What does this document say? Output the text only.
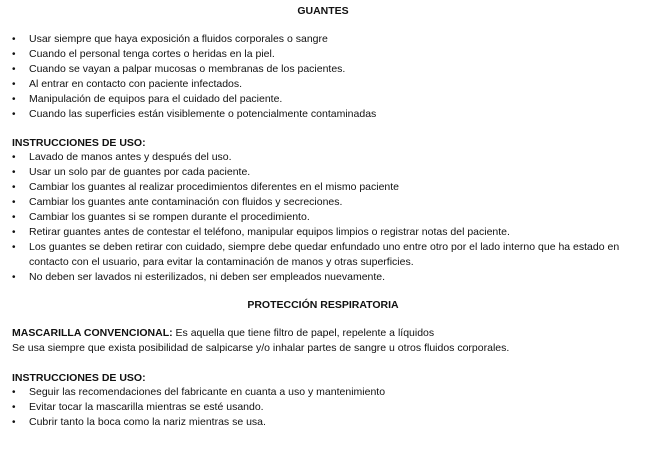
GUANTES
• Usar siempre que haya exposición a fluidos corporales o sangre
• Cuando el personal tenga cortes o heridas en la piel.
• Cuando se vayan a palpar mucosas o membranas de los pacientes.
• Al entrar en contacto con paciente infectados.
• Manipulación de equipos para el cuidado del paciente.
• Cuando las superficies están visiblemente o potencialmente contaminadas
INSTRUCCIONES DE USO:
• Lavado de manos antes y después del uso.
• Usar un solo par de guantes por cada paciente.
• Cambiar los guantes al realizar procedimientos diferentes en el mismo paciente
• Cambiar los guantes ante contaminación con fluidos y secreciones.
• Cambiar los guantes si se rompen durante el procedimiento.
• Retirar guantes antes de contestar el teléfono, manipular equipos limpios o registrar notas del paciente.
• Los guantes se deben retirar con cuidado, siempre debe quedar enfundado uno entre otro por el lado interno que ha estado en contacto con el usuario, para evitar la contaminación de manos y otras superficies.
• No deben ser lavados ni esterilizados, ni deben ser empleados nuevamente.
PROTECCIÓN RESPIRATORIA
MASCARILLA CONVENCIONAL: Es aquella que tiene filtro de papel, repelente a líquidos
Se usa siempre que exista posibilidad de salpicarse y/o inhalar partes de sangre u otros fluidos corporales.
INSTRUCCIONES DE USO:
• Seguir las recomendaciones del fabricante en cuanta a uso y mantenimiento
• Evitar tocar la mascarilla mientras se esté usando.
• Cubrir tanto la boca como la nariz mientras se usa.
